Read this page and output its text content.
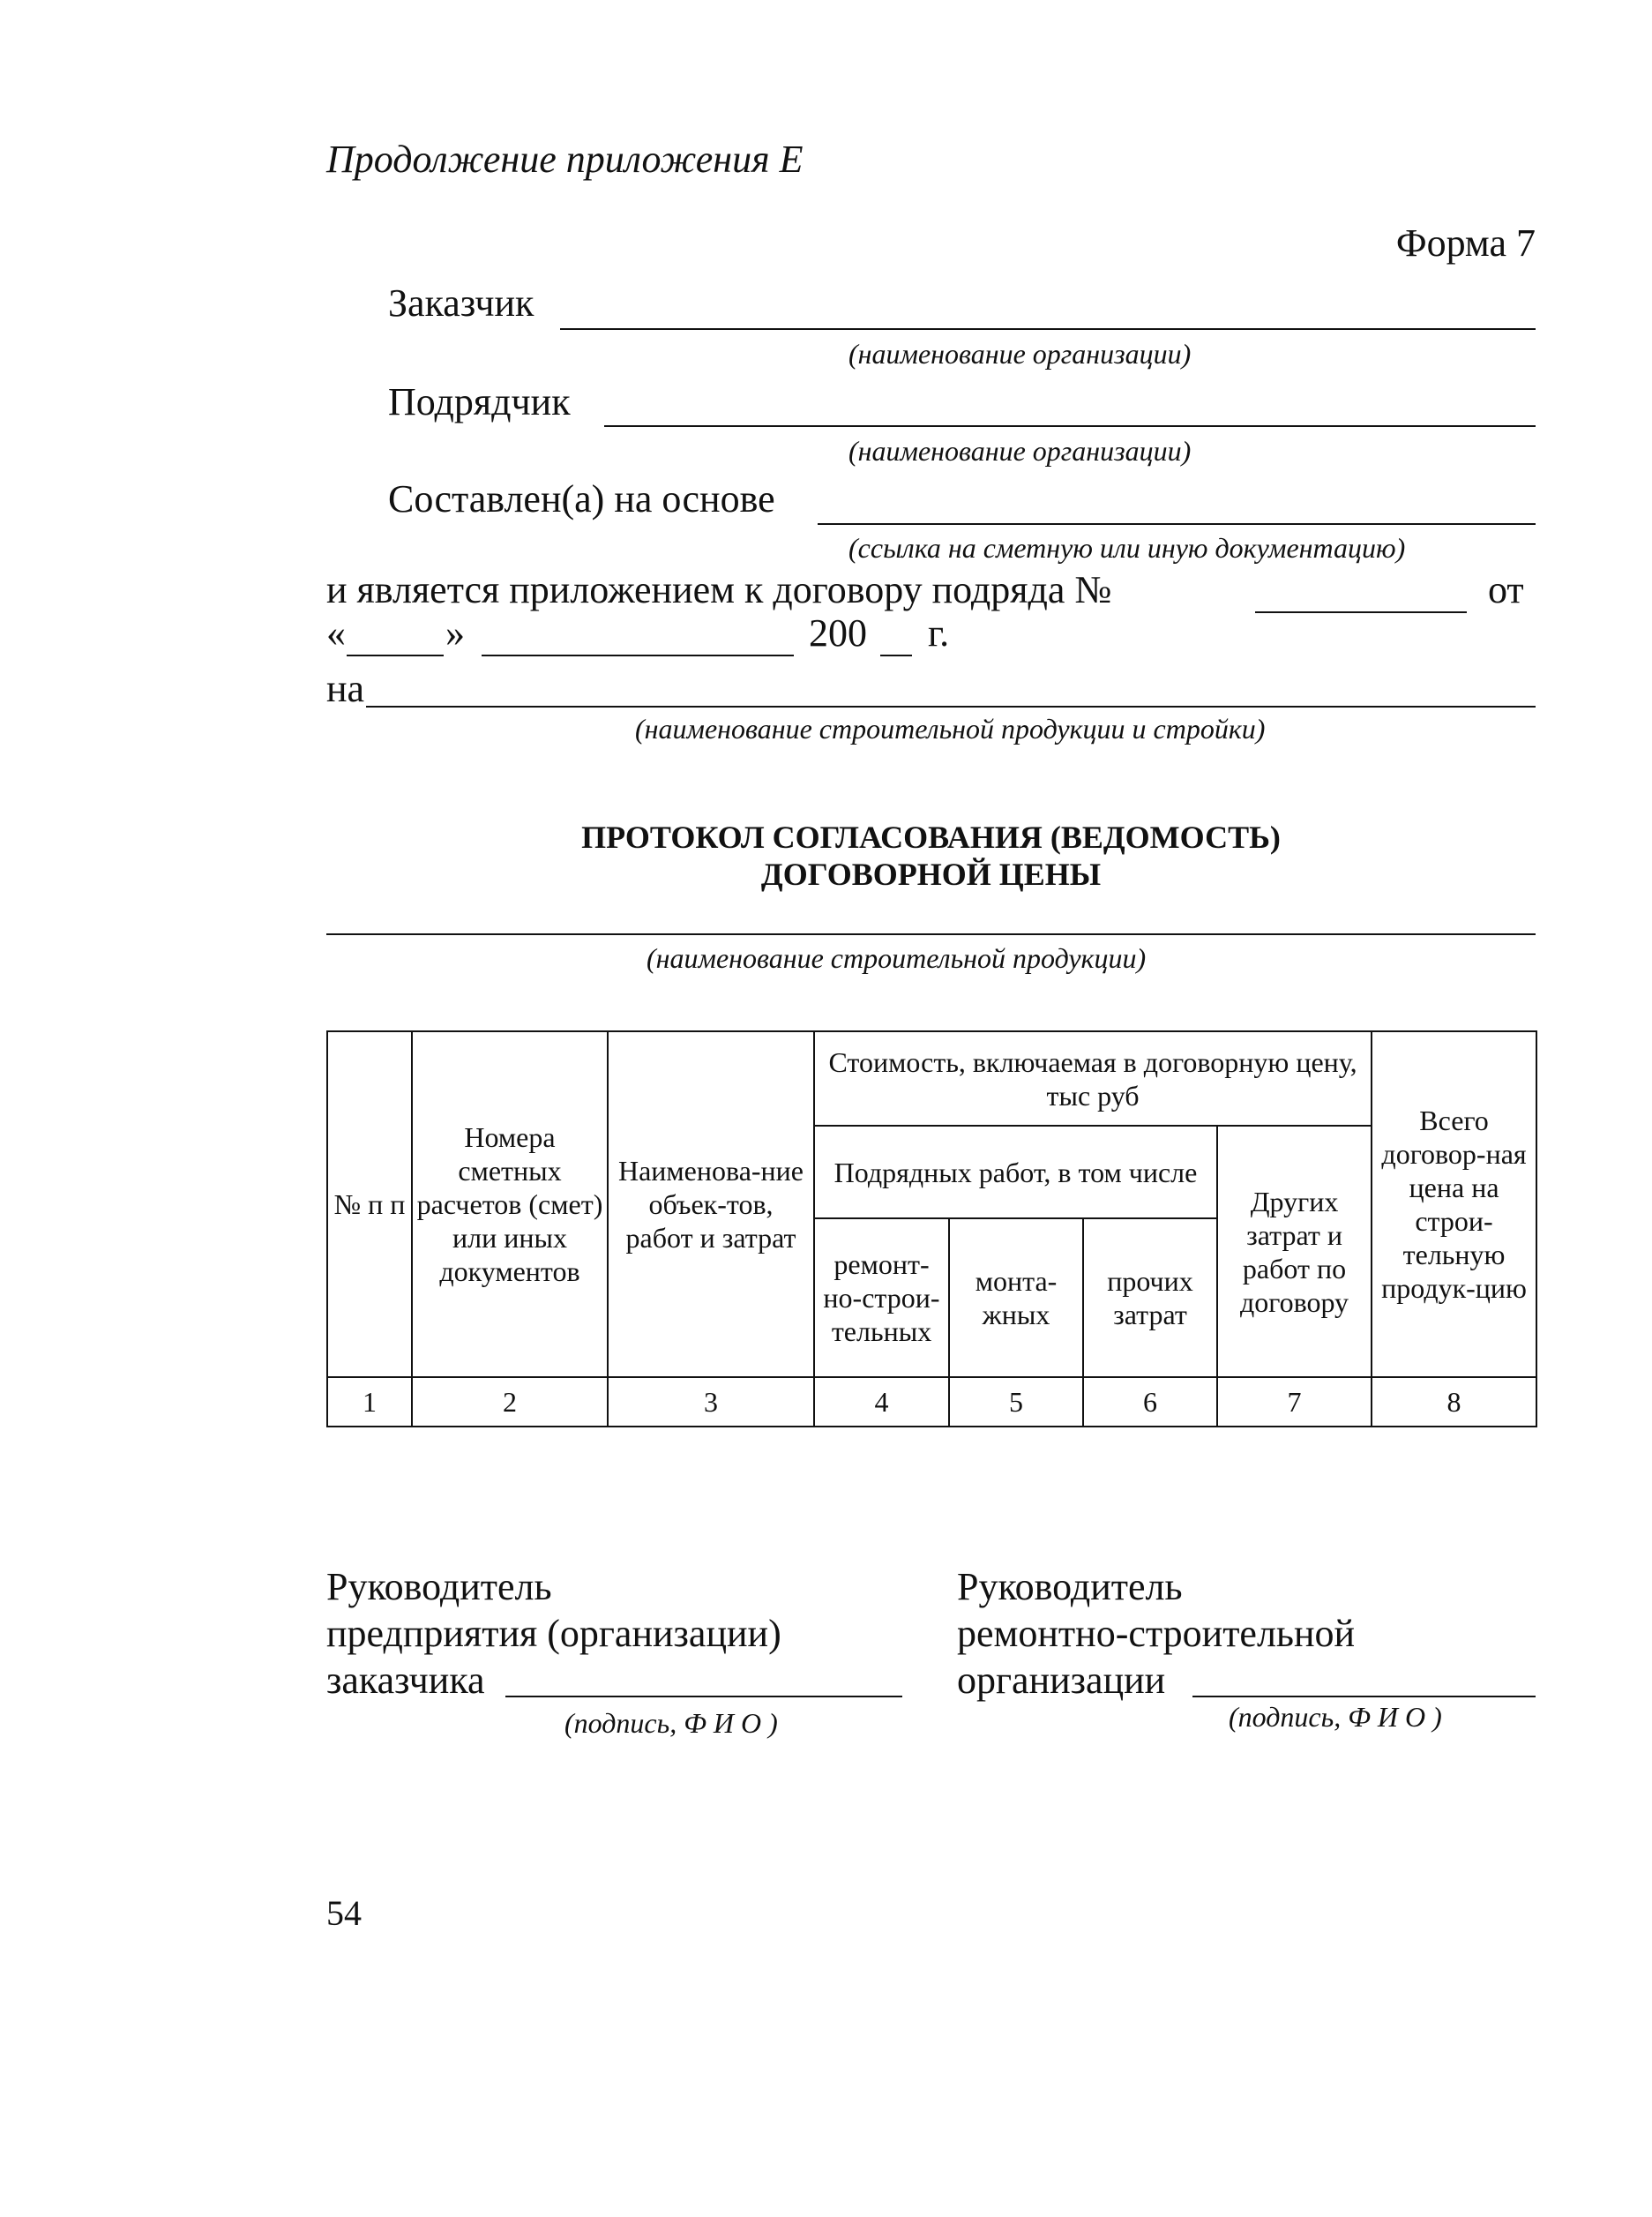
Продолжение приложения Е
Форма 7
Заказчик
(наименование организации)
Подрядчик
(наименование организации)
Составлен(а) на основе
(ссылка на сметную или иную документацию)
и является приложением к договору подряда №	от
«	»	200 г.
на
(наименование строительной продукции и стройки)
ПРОТОКОЛ СОГЛАСОВАНИЯ (ВЕДОМОСТЬ)
ДОГОВОРНОЙ ЦЕНЫ
(наименование строительной продукции)
№ п п	Номера сметных расчетов (смет) или иных документов	Наименова-ние объек-тов, работ и затрат	Стоимость, включаемая в договорную цену, тыс руб				Всего договор-ная цена на строи-тельную продук-цию
			Подрядных работ, в том числе			Других затрат и работ по договору	
			ремонт-но-строи-тельных	монта-жных	прочих затрат		
1	2	3	4	5	6	7	8
Руководитель
предприятия (организации)
заказчика
(подпись, Ф И О )
Руководитель
ремонтно-строительной
организации
(подпись, Ф И О )
54
